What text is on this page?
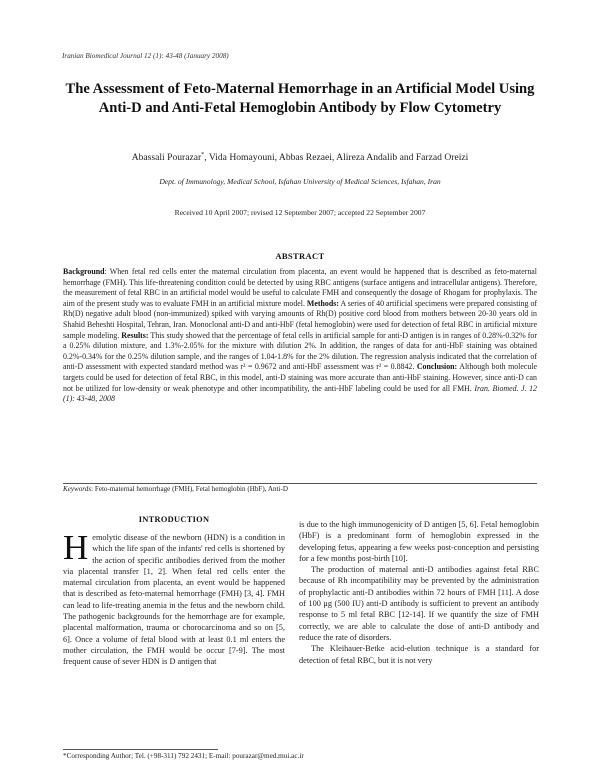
Iranian Biomedical Journal 12 (1): 43-48 (January 2008)
The Assessment of Feto-Maternal Hemorrhage in an Artificial Model Using Anti-D and Anti-Fetal Hemoglobin Antibody by Flow Cytometry
Abassali Pourazar*, Vida Homayouni, Abbas Rezaei, Alireza Andalib and Farzad Oreizi
Dept. of Immunology, Medical School, Isfahan University of Medical Sciences, Isfahan, Iran
Received 10 April 2007; revised 12 September 2007; accepted 22 September 2007
ABSTRACT
Background: When fetal red cells enter the maternal circulation from placenta, an event would be happened that is described as feto-maternal hemorrhage (FMH). This life-threatening condition could be detected by using RBC antigens (surface antigens and intracellular antigens). Therefore, the measurement of fetal RBC in an artificial model would be useful to calculate FMH and consequently the dosage of Rhogam for prophylaxis. The aim of the present study was to evaluate FMH in an artificial mixture model. Methods: A series of 40 artificial specimens were prepared consisting of Rh(D) negative adult blood (non-immunized) spiked with varying amounts of Rh(D) positive cord blood from mothers between 20-30 years old in Shahid Beheshti Hospital, Tehran, Iran. Monoclonal anti-D and anti-HbF (fetal hemoglobin) were used for detection of fetal RBC in artificial mixture sample modeling. Results: This study showed that the percentage of fetal cells in artificial sample for anti-D antigen is in ranges of 0.28%-0.32% for a 0.25% dilution mixture, and 1.3%-2.05% for the mixture with dilution 2%. In addition, the ranges of data for anti-HbF staining was obtained 0.2%-0.34% for the 0.25% dilution sample, and the ranges of 1.04-1.8% for the 2% dilution. The regression analysis indicated that the correlation of anti-D assessment with expected standard method was r² = 0.9672 and anti-HbF assessment was r² = 0.8842. Conclusion: Although both molecule targets could be used for detection of fetal RBC, in this model, anti-D staining was more accurate than anti-HbF staining. However, since anti-D can not be utilized for low-density or weak phenotype and other incompatibility, the anti-HbF labeling could be used for all FMH. Iran. Biomed. J. 12 (1): 43-48, 2008
Keywords: Feto-maternal hemorrhage (FMH), Fetal hemoglobin (HbF), Anti-D
INTRODUCTION

Hemolytic disease of the newborn (HDN) is a condition in which the life span of the infants' red cells is shortened by the action of specific antibodies derived from the mother via placental transfer [1, 2]. When fetal red cells enter the maternal circulation from placenta, an event would be happened that is described as feto-maternal hemorrhage (FMH) [3, 4]. FMH can lead to life-treating anemia in the fetus and the newborn child. The pathogenic backgrounds for the hemorrhage are for example, placental malformation, trauma or chorocarcinoma and so on [5, 6]. Once a volume of fetal blood with at least 0.1 ml enters the mother circulation, the FMH would be occur [7-9]. The most frequent cause of sever HDN is D antigen that

is due to the high immunogenicity of D antigen [5, 6]. Fetal hemoglobin (HbF) is a predominant form of hemoglobin expressed in the developing fetus, appearing a few weeks post-conception and persisting for a few months post-birth [10].

The production of maternal anti-D antibodies against fetal RBC because of Rh incompatibility may be prevented by the administration of prophylactic anti-D antibodies within 72 hours of FMH [11]. A dose of 100 μg (500 IU) anti-D antibody is sufficient to prevent an antibody response to 5 ml fetal RBC [12-14]. If we quantify the size of FMH correctly, we are able to calculate the dose of anti-D antibody and reduce the rate of disorders.

The Kleihauer-Betke acid-elution technique is a standard for detection of fetal RBC, but it is not very

*Corresponding Author; Tel. (+98-311) 792 2431; E-mail: pourazar@med.mui.ac.ir
